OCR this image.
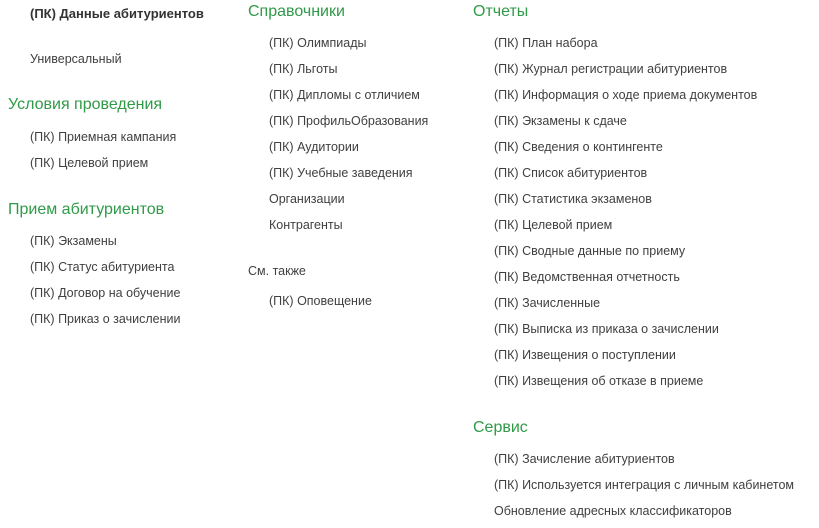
(ПК) Данные абитуриентов
Универсальный
Условия проведения
(ПК) Приемная кампания
(ПК) Целевой прием
Прием абитуриентов
(ПК) Экзамены
(ПК) Статус абитуриента
(ПК) Договор на обучение
(ПК) Приказ о зачислении
Справочники
(ПК) Олимпиады
(ПК) Льготы
(ПК) Дипломы с отличием
(ПК) ПрофильОбразования
(ПК) Аудитории
(ПК) Учебные заведения
Организации
Контрагенты
См. также
(ПК) Оповещение
Отчеты
(ПК) План набора
(ПК) Журнал регистрации абитуриентов
(ПК) Информация о ходе приема документов
(ПК) Экзамены к сдаче
(ПК) Сведения о контингенте
(ПК) Список абитуриентов
(ПК) Статистика экзаменов
(ПК) Целевой прием
(ПК) Сводные данные по приему
(ПК) Ведомственная отчетность
(ПК) Зачисленные
(ПК) Выписка из приказа о зачислении
(ПК) Извещения о поступлении
(ПК) Извещения об отказе в приеме
Сервис
(ПК) Зачисление абитуриентов
(ПК) Используется интеграция с личным кабинетом
Обновление адресных классификаторов
